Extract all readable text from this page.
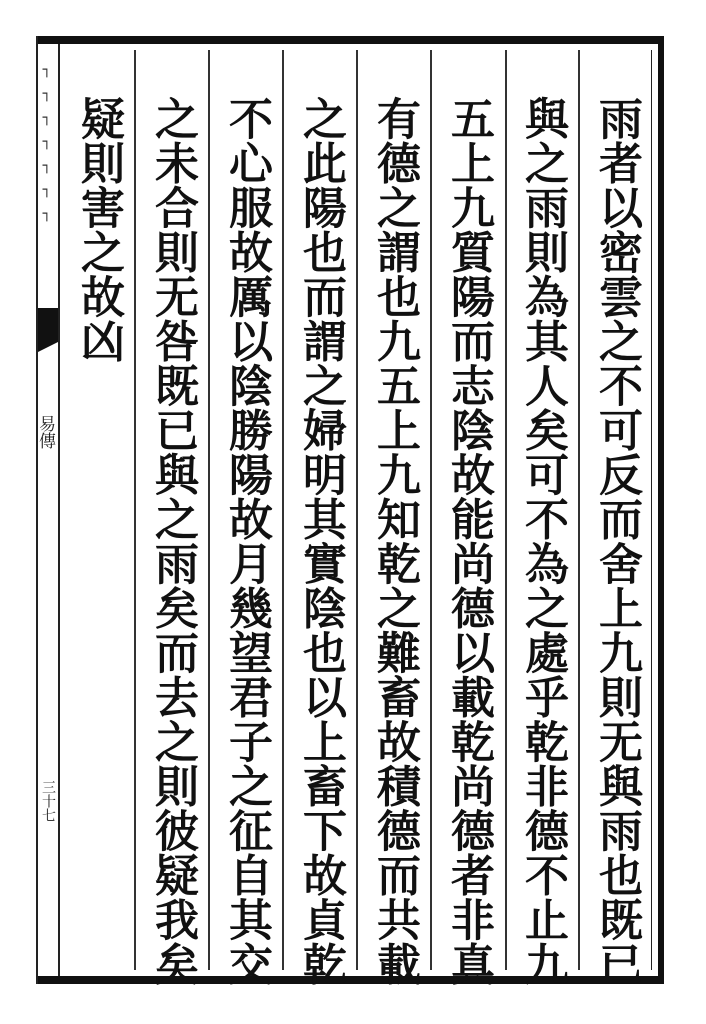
┐
┐
┐
┐
┐
┐
┐
易傳
三十七	雨者以密雲之不可反而舍上九則无與雨也既已
與之雨則為其人矣可不為之處乎乾非德不止九
五上九質陽而志陰故能尚德以載乾尚德者非真
有德之謂也九五上九知乾之難畜故積德而共載
之此陽也而謂之婦明其實陰也以上畜下故貞乾
不心服故厲以陰勝陽故月幾望君子之征自其交
之未合則无咎既已與之雨矣而去之則彼疑我矣
疑則害之故凶
